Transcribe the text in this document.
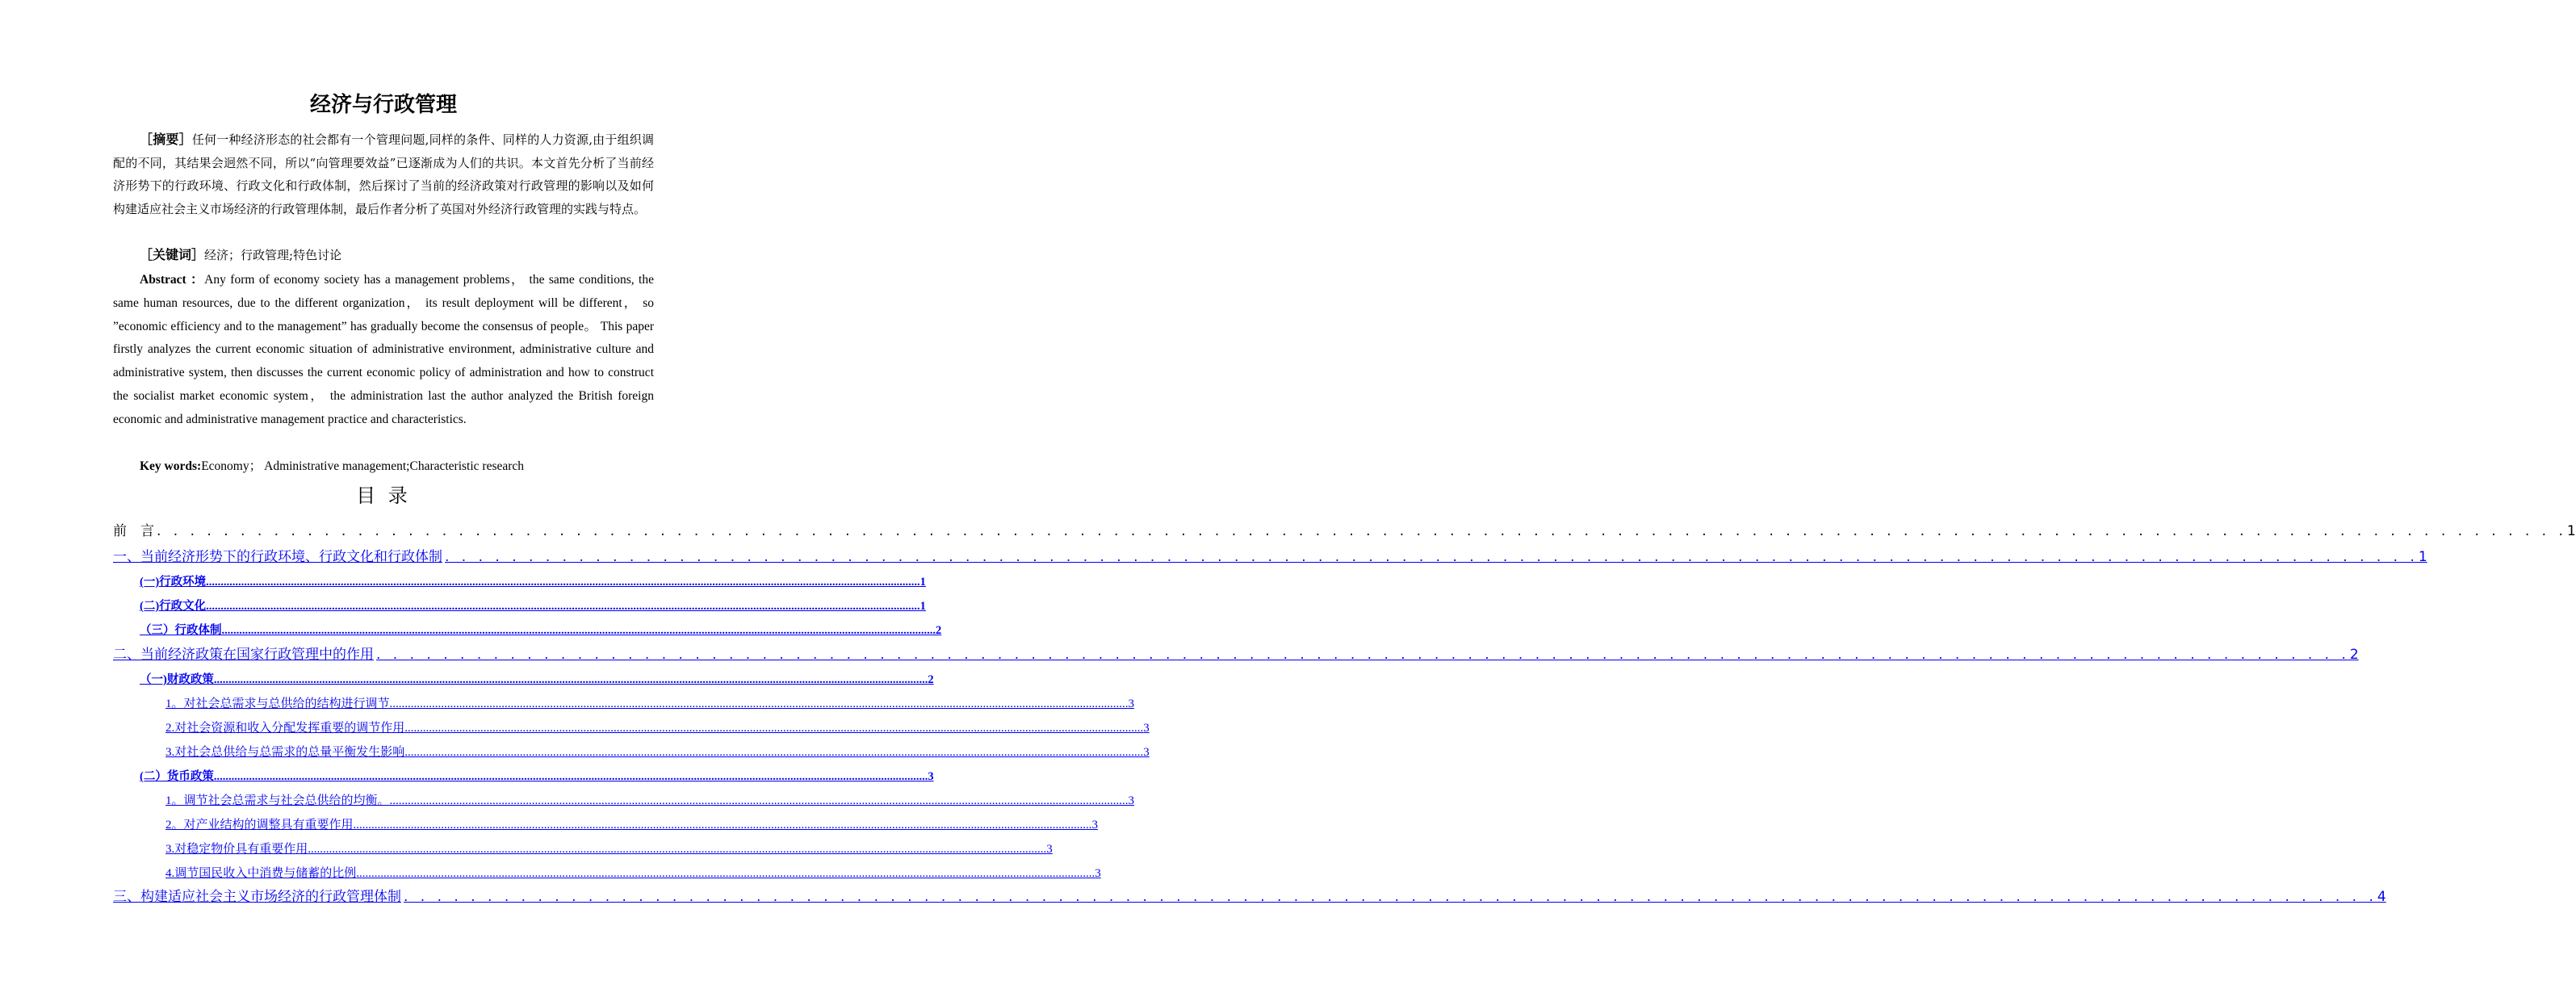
经济与行政管理
［摘要］任何一种经济形态的社会都有一个管理问题,同样的条件、同样的人力资源,由于组织调配的不同，其结果会迥然不同，所以“向管理要效益”已逐渐成为人们的共识。本文首先分析了当前经济形势下的行政环境、行政文化和行政体制，然后探讨了当前的经济政策对行政管理的影响以及如何构建适应社会主义市场经济的行政管理体制，最后作者分析了英国对外经济行政管理的实践与特点。
［关键词］经济；行政管理;特色讨论
Abstract ：Any form of economy society has a management problems， the same conditions, the same human resources, due to the different organization， its result deployment will be different， so ”economic efficiency and to the management” has gradually become the consensus of people。 This paper firstly analyzes the current economic situation of administrative environment, administrative culture and administrative system, then discusses the current economic policy of administration and how to construct the socialist market economic system， the administration last the author analyzed the British foreign economic and administrative management practice and characteristics.
Key words:Economy； Administrative management;Characteristic research
目 录
前　言 . . . . . . . . . . . . . . . . . . . . . . . . . . . . . . . . . . . . . . . . . . . . . . . . . . . . . . . . . . . . . . . . . . . . . . . . . . . . . . . . . . . . . . . . . . . . . . . . . . . . . . . . . . . . . . . . . . . . . . . . . . . . . . . . . . . . . . . . . . . . . . . . 1
一、当前经济形势下的行政环境、行政文化和行政体制 . . . . . . . . . . . . . . . . . . . . . . . . . . . . . . . . . . . . . . . . . . . . . . . . . . . . . . . . . . . . . . . . . . . . . . . . . . . . . . . . . . . . . . . . . . . . . . . . . . . . . . . . . . . . . . . . . . . . . . 1
(一)行政环境 .................................................................................................................................................................................................................................................... 1
(二)行政文化 .................................................................................................................................................................................................................................................... 1
（三）行政体制 .................................................................................................................................................................................................................................................... 2
二、当前经济政策在国家行政管理中的作用 . . . . . . . . . . . . . . . . . . . . . . . . . . . . . . . . . . . . . . . . . . . . . . . . . . . . . . . . . . . . . . . . . . . . . . . . . . . . . . . . . . . . . . . . . . . . . . . . . . . . . . . . . . . . . . . . . . . . . . 2
（一)财政政策 .................................................................................................................................................................................................................................................... 2
1。对社会总需求与总供给的结构进行调节 .................................................................................................................................................................................................................................................... 3
2.对社会资源和收入分配发挥重要的调节作用 .................................................................................................................................................................................................................................................... 3
3.对社会总供给与总需求的总量平衡发生影响 .................................................................................................................................................................................................................................................... 3
(二）货币政策 .................................................................................................................................................................................................................................................... 3
1。调节社会总需求与社会总供给的均衡。 .................................................................................................................................................................................................................................................... 3
2。对产业结构的调整具有重要作用 .................................................................................................................................................................................................................................................... 3
3.对稳定物价具有重要作用 .................................................................................................................................................................................................................................................... 3
4.调节国民收入中消费与储蓄的比例 .................................................................................................................................................................................................................................................... 3
三、构建适应社会主义市场经济的行政管理体制 . . . . . . . . . . . . . . . . . . . . . . . . . . . . . . . . . . . . . . . . . . . . . . . . . . . . . . . . . . . . . . . . . . . . . . . . . . . . . . . . . . . . . . . . . . . . . . . . . . . . . . . . . . . . . . . . . . . . . . 4
